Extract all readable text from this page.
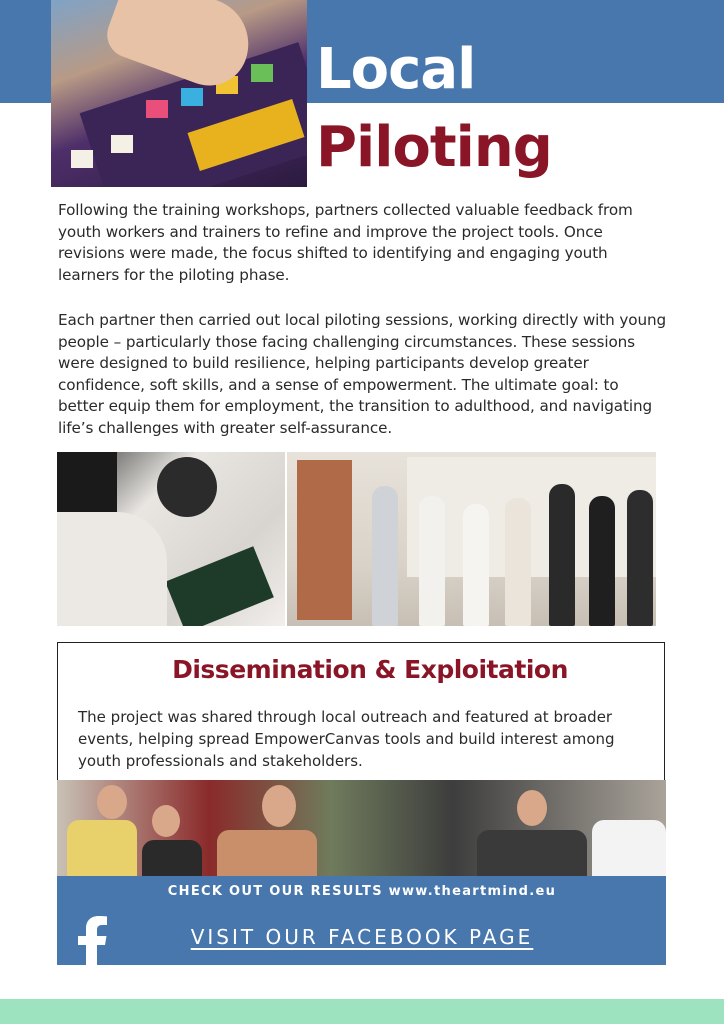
Local
Piloting

Following the training workshops, partners collected valuable feedback from youth workers and trainers to refine and improve the project tools. Once revisions were made, the focus shifted to identifying and engaging youth learners for the piloting phase.

Each partner then carried out local piloting sessions, working directly with young people – particularly those facing challenging circumstances. These sessions were designed to build resilience, helping participants develop greater confidence, soft skills, and a sense of empowerment. The ultimate goal: to better equip them for employment, the transition to adulthood, and navigating life’s challenges with greater self-assurance.

Dissemination & Exploitation

The project was shared through local outreach and featured at broader events, helping spread EmpowerCanvas tools and build interest among youth professionals and stakeholders.

CHECK OUT OUR RESULTS www.theartmind.eu

VISIT OUR FACEBOOK PAGE
